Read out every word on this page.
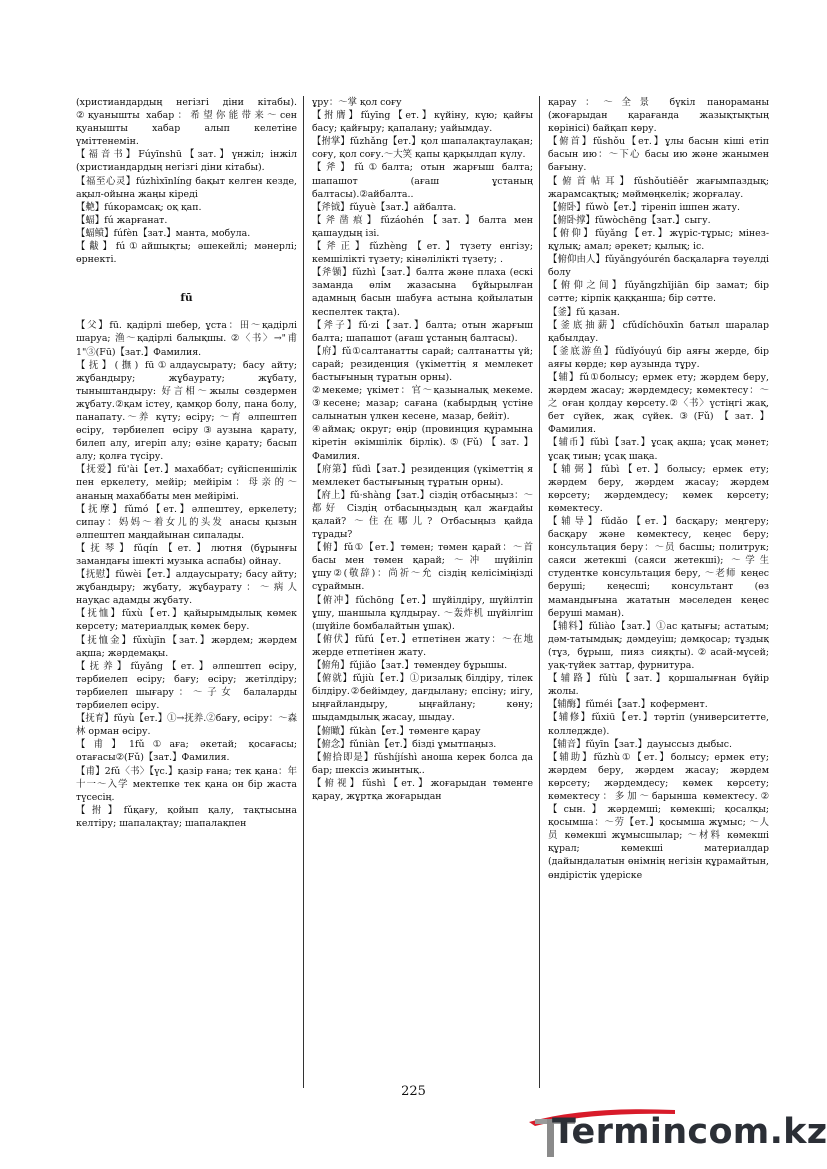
(христиандардың негізгі діни кітабы). ②қуанышты хабар：希望你能带来～сен қуанышты хабар алып келетіне үміттенемін.

【福音书】Fúyīnshū【зат.】үнжіл; інжіл (христиандардың негізгі діни кітабы).

【福至心灵】fúzhìxīnlíng бақыт келген кезде, ақыл-ойына жаңы кіреді

【艴】fúкорамсақ; оқ қап.

【蝠】fú жарғанат.

【蝠鲼】fúfèn【зат.】манта, мобула.

【黻】fú①айшықты; әшекейлі; мәнерлі; өрнекті.

fū

【父】fū. қадірлі шебер, ұста：田～қадірлі шаруа; 渔～қадірлі балықшы. ②〈书〉→"甫1"③(Fū)【зат.】Фамилия.

【抚】(撫) fū①алдаусырату; басу айту; жұбандыру; жұбаурату; жұбату, тыныштандыру: 好言相～жылы сөздермен жұбату.②қам істеу, қамқор болу, пана болу, панапату.～养 күту; өсіру; ～育 әлпештеп өсіру, тәрбиелеп өсіру③аузына қарату, билеп алу, игеріп алу; өзіне қарату; басып алу; қолға түсіру.

【抚爱】fǔ'ài【ет.】махаббат; сүйіспеншілік пен еркелету, мейір; мейірім：母亲的～ананың махаббаты мен мейірімі.

【抚摩】fǔmó【ет.】әлпештеу, еркелету; сипау：妈妈～着女儿的头发 анасы қызын әлпештеп маңдайынан сипалады.

【抚琴】fǔqín【ет.】лютня (бұрынғы замандағы ішекті музыка аспабы) ойнау.

【抚慰】fǔwèi【ет.】алдаусырату; басу айту; жұбандыру; жұбату, жұбаурату：～病人 науқас адамды жұбату.

【抚恤】fǔxù【ет.】қайырымдылық көмек көрсету; материалдық көмек беру.

【抚恤金】fǔxùjīn【зат.】жәрдем; жәрдем ақша; жәрдемақы.

【抚养】fǔyǎng【ет.】әлпештеп өсіру, тәрбиелеп өсіру; бағу; өсіру; жетілдіру; тәрбиелеп шығару：～子女 балаларды тәрбиелеп өсіру.

【抚育】fǔyù【ет.】①→抚养.②бағу, өсіру：～森林 орман өсіру.

【甫】1fǔ①аға; әкетай; қосағасы; отағасы②(Fǔ)【зат.】Фамилия.

【甫】2fǔ〈书〉【үс.】қазір ғана; тек қана：年十一～入学 мектепке тек қана он бір жаста түсесің.

【拊】fǔқағу, қойып қалу, тақтысына келтіру; шапалақтау; шапалақпен

ұру：～掌 қол соғу

【拊膺】fǔyīng【ет.】күйіну, күю; қайғы басу; қайғыру; қапалану; уайымдау.

【拊掌】fǔzhǎng【ет.】қол шапалақтаулақан; соғу, қол соғу.～大笑 қапы қарқылдап күлу.

【斧】fǔ①балта; отын жарғыш балта; шапашот (ағаш ұстаның балтасы).②айбалта..

【斧钺】fǔyuè【зат.】айбалта.

【斧凿痕】fǔzáohén【зат.】балта мен қашаудың ізі.

【斧正】fǔzhèng【ет.】түзету енгізу; кемшілікті түзету; кінәлілікті түзету; .

【斧锧】fǔzhì【зат.】балта және плаха (ескі заманда өлім жазасына бұйырылған адамның басын шабуға астына қойылатын кеспелтек тақта).

【斧子】fǔ·zi【зат.】балта; отын жарғыш балта; шапашот (ағаш ұстаның балтасы).

【府】fǔ①салтанатты сарай; салтанатты үй; сарай; резиденция (үкіметтің я мемлекет бастығының тұратын орны).

②мекеме; үкімет：官～қазыналық мекеме. ③кесене; мазар; сағана (кабырдың үстіне салынатын үлкен кесене, мазар, бейіт).

④аймақ; округ; өңір (провинция құрамына кіретін әкімшілік бірлік).⑤(Fǔ)【зат.】Фамилия.

【府第】fǔdì【зат.】резиденция (үкіметтің я мемлекет бастығының тұратын орны).

【府上】fǔ·shàng【зат.】сіздің отбасыңыз：～都好 Сіздің отбасыңыздың қал жағдайы қалай? ～住在哪儿? Отбасыңыз қайда тұрады?

【俯】fǔ①【ет.】төмен; төмен қарай：～首 басы мен төмен қарай; ～冲 шүйіліп ұшу②(敬辞)：尚祈～允 сіздің келісіміңізді сұраймын.

【俯冲】fǔchōng【ет.】шүйілдіру, шүйілтіп ұшу, шаншыла құлдырау. ～轰炸机 шүйілгіш (шүйіле бомбалайтын ұшақ).

【俯伏】fǔfú【ет.】етпетінен жату：～在地 жерде етпетінен жату.

【俯角】fǔjiǎo【зат.】төмендеу бұрышы.

【俯就】fǔjiù【ет.】①ризалық білдіру, тілек білдіру.②бейімдеу, дағдылану; епсіну; иігу, ыңғайландыру, ыңғайлану; көну; шыдамдылық жасау, шыдау.

【俯瞰】fǔkàn【ет.】төменге қарау

【俯念】fǔniàn【ет.】бізді ұмытпаңыз.

【俯拾即是】fǔshíjíshì аноша керек болса да бар; шексіз жиынтық..

【俯视】fǔshì【ет.】жоғарыдан төменге қарау, жұртқа жоғарыдан

қарау：～全景 бүкіл панораманы (жоғарыдан қарағанда жазықтықтың көрінісі) байқап көру.

【俯首】fǔshǒu【ет.】ұлы басын кішi етіп басын ию：～下心 басы ию және жанымен бағыну.

【俯首帖耳】fǔshǒutiēěr жағымпаздық; жарамсақтық; мәймөңкелік; жорғалау.

【俯卧】fǔwò【ет.】тіренiп iшпен жату.

【俯卧撑】fǔwòchēng【зат.】сыгу.

【俯仰】fǔyǎng【ет.】жүріс-тұрыс; мінез-құлық; амал; әрекет; қылық; іс.

【俯仰由人】fǔyǎngyóurén басқаларға тәуелді болу

【俯仰之间】fǔyǎngzhījiān бір замат; бір сәтте; кірпік қаққанша; бір сәтте.

【釜】fǔ қазан.

【釜底抽薪】cfǔdǐchōuxīn батыл шаралар қабылдау.

【釜底游鱼】fǔdǐyóuyú бір аяғы жерде, бір аяғы көрде; көр аузында тұру.

【辅】fǔ①болысу; ермек ету; жәрдем беру, жәрдем жасау; жәрдемдесу; көмектесу：～之 оған қолдау көрсету.②〈书〉үстіңгі жақ, бет сүйек, жақ сүйек.③(Fǔ)【зат.】Фамилия.

【辅币】fǔbì【зат.】ұсақ ақша; ұсақ мәнет; ұсақ тиын; ұсақ шақа.

【辅弼】fǔbì【ет.】болысу; ермек ету; жәрдем беру, жәрдем жасау; жәрдем көрсету; жәрдемдесу; көмек көрсету; көмектесу.

【辅导】fǔdǎo【ет.】басқару; меңгеру; басқару және көмектесу, кеңес беру; консультация беру：～员 басшы; политрук; саяси жетекші (саяси жетекші); ～学生 студентке консультация беру, ～老师 кеңес беруші; кеңесші; консультант (өз мамандығына жататын мәселеден кеңес беруші маман).

【辅料】fǔliào【зат.】①ас қатығы; астатым; дәм-татымдық; дәмдеуіш; дәмқосар; тұздық (тұз, бұрыш, пияз сияқты).②асай-мүсей; уақ-түйек заттар, фурнитура.

【辅路】fǔlù【зат.】қоршалығнан бүйір жолы.

【辅酶】fǔméi【зат.】кофермент.

【辅修】fǔxiū【ет.】тәртіп (университетте, колледжде).

【辅音】fǔyīn【зат.】дауыссыз дыбыс.

【辅助】fǔzhù①【ет.】болысу; ермек ету; жәрдем беру, жәрдем жасау; жәрдем көрсету; жәрдемдесу; көмек көрсету; көмектесу：多加～барынша көмектесу.②【сын.】жәрдемші; көмекші; қосалқы; қосымша：～劳【ет.】қосымша жұмыс; ～人员 көмекші жұмысшылар; ～材料 көмекші құрал; көмекші материалдар (дайындалатын өнімнің негізін құрамайтын, өндірістік үдеріске

225
Termincom.kz
